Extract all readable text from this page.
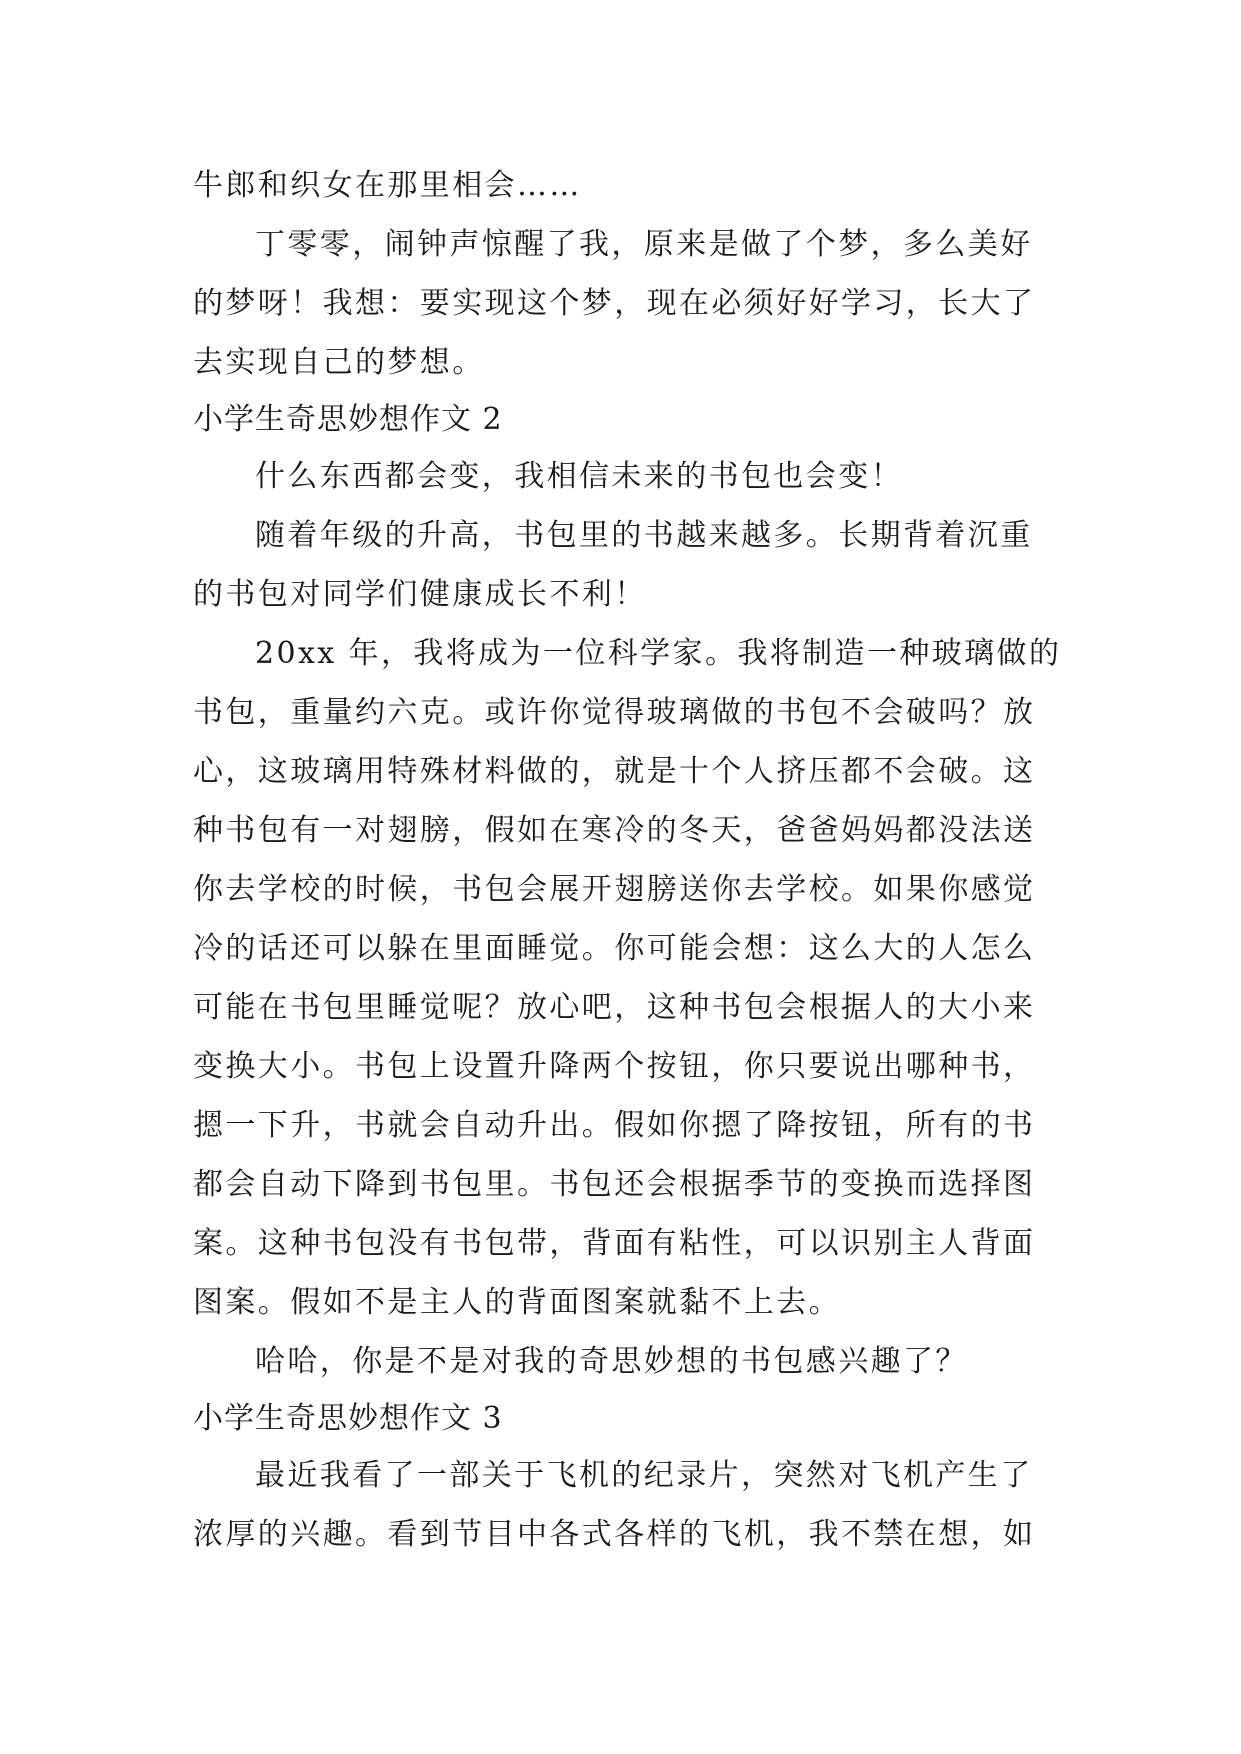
牛郎和织女在那里相会……
丁零零，闹钟声惊醒了我，原来是做了个梦，多么美好
的梦呀！我想：要实现这个梦，现在必须好好学习，长大了
去实现自己的梦想。
小学生奇思妙想作文 2
什么东西都会变，我相信未来的书包也会变！
随着年级的升高，书包里的书越来越多。长期背着沉重
的书包对同学们健康成长不利！
20xx 年，我将成为一位科学家。我将制造一种玻璃做的
书包，重量约六克。或许你觉得玻璃做的书包不会破吗？放
心，这玻璃用特殊材料做的，就是十个人挤压都不会破。这
种书包有一对翅膀，假如在寒冷的冬天，爸爸妈妈都没法送
你去学校的时候，书包会展开翅膀送你去学校。如果你感觉
冷的话还可以躲在里面睡觉。你可能会想：这么大的人怎么
可能在书包里睡觉呢？放心吧，这种书包会根据人的大小来
变换大小。书包上设置升降两个按钮，你只要说出哪种书，
摁一下升，书就会自动升出。假如你摁了降按钮，所有的书
都会自动下降到书包里。书包还会根据季节的变换而选择图
案。这种书包没有书包带，背面有粘性，可以识别主人背面
图案。假如不是主人的背面图案就黏不上去。
哈哈，你是不是对我的奇思妙想的书包感兴趣了？
小学生奇思妙想作文 3
最近我看了一部关于飞机的纪录片，突然对飞机产生了
浓厚的兴趣。看到节目中各式各样的飞机，我不禁在想，如
